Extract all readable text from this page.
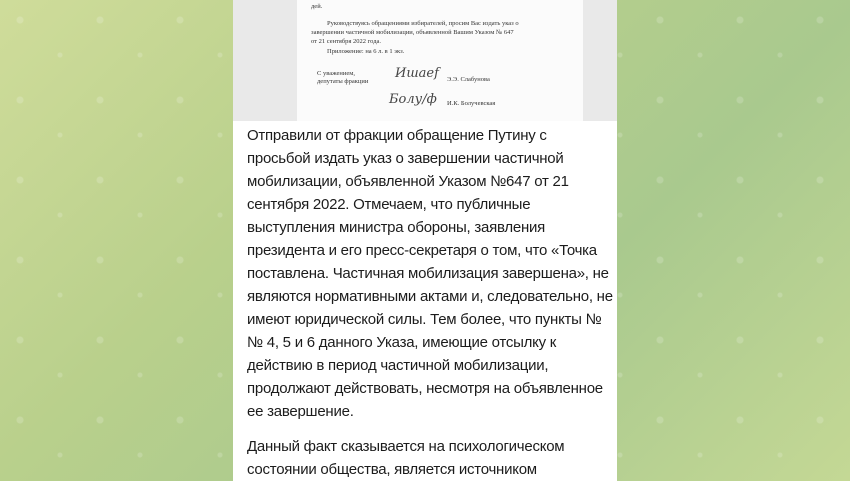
дей.
Руководствуясь обращениями избирателей, просим Вас издать указ о
завершении частичной мобилизации, объявленной Вашим Указом № 647
от 21 сентября 2022 года.
Приложение: на 6 л. в 1 экз.
С уважением,
депутаты фракции
Ишаеf Э.Э. Слабунова
Болу/ф И.К. Болучевская

Отправили от фракции обращение Путину с просьбой издать указ о завершении частичной мобилизации, объявленной Указом №647 от 21 сентября 2022. Отмечаем, что публичные выступления министра обороны, заявления президента и его пресс-секретаря о том, что «Точка поставлена. Частичная мобилизация завершена», не являются нормативными актами и, следовательно, не имеют юридической силы. Тем более, что пункты №№ 4, 5 и 6 данного Указа, имеющие отсылку к действию в период частичной мобилизации, продолжают действовать, несмотря на объявленное ее завершение.

Данный факт сказывается на психологическом состоянии общества, является источником
